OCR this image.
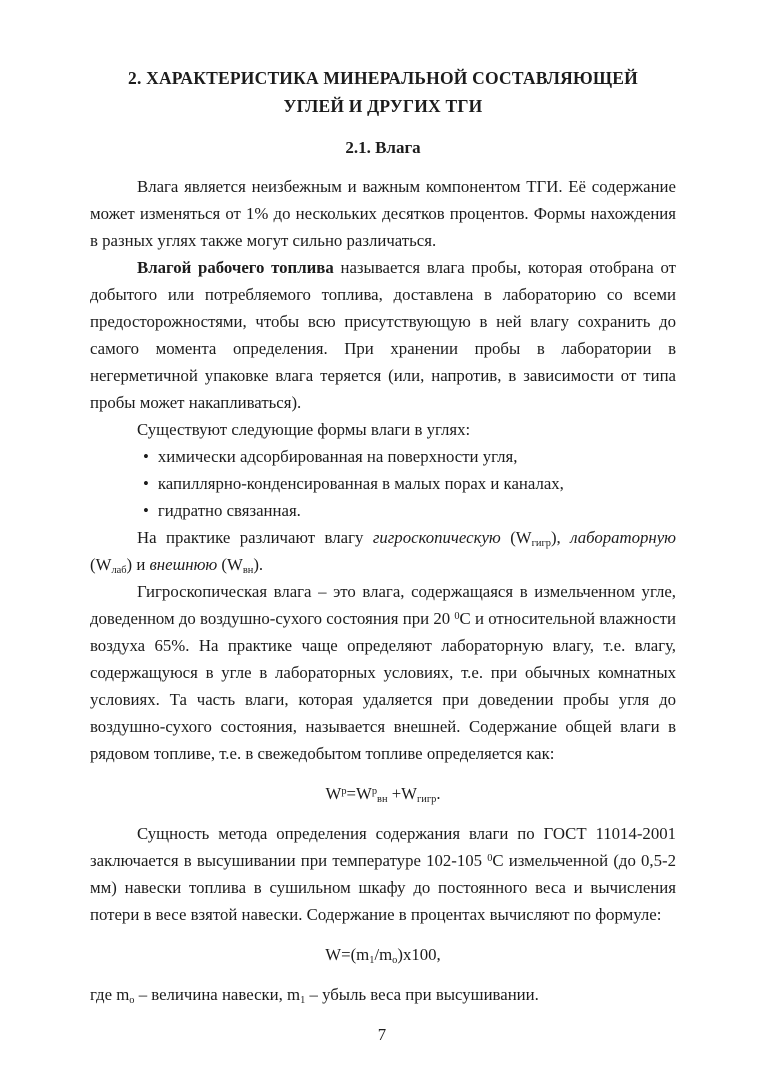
2. ХАРАКТЕРИСТИКА МИНЕРАЛЬНОЙ СОСТАВЛЯЮЩЕЙ
УГЛЕЙ И ДРУГИХ ТГИ
2.1. Влага

Влага является неизбежным и важным компонентом ТГИ. Её содержание может изменяться от 1% до нескольких десятков процентов. Формы нахождения в разных углях также могут сильно различаться.

Влагой рабочего топлива называется влага пробы, которая отобрана от добытого или потребляемого топлива, доставлена в лабораторию со всеми предосторожностями, чтобы всю присутствующую в ней влагу сохранить до самого момента определения. При хранении пробы в лаборатории в негерметичной упаковке влага теряется (или, напротив, в зависимости от типа пробы может накапливаться).

Существуют следующие формы влаги в углях:

• химически адсорбированная на поверхности угля,
• капиллярно-конденсированная в малых порах и каналах,
• гидратно связанная.

На практике различают влагу гигроскопическую $(W_{гигр})$, лабораторную $(W_{лаб})$ и внешнюю $(W_{вн})$.

Гигроскопическая влага – это влага, содержащаяся в измельченном угле, доведенном до воздушно-сухого состояния при 20 $^0$С и относительной влажности воздуха 65%. На практике чаще определяют лабораторную влагу, т.е. влагу, содержащуюся в угле в лабораторных условиях, т.е. при обычных комнатных условиях. Та часть влаги, которая удаляется при доведении пробы угля до воздушно-сухого состояния, называется внешней. Содержание общей влаги в рядовом топливе, т.е. в свежедобытом топливе определяется как:

$W^p=W^p_{вн} +W_{гигр}$.

Сущность метода определения содержания влаги по ГОСТ 11014-2001 заключается в высушивании при температуре 102-105 $^0$С измельченной (до 0,5-2 мм) навески топлива в сушильном шкафу до постоянного веса и вычисления потери в весе взятой навески. Содержание в процентах вычисляют по формуле:

$W=(m_1/m_o)x100$,

где $m_o$ – величина навески, $m_1$ – убыль веса при высушивании.

7
